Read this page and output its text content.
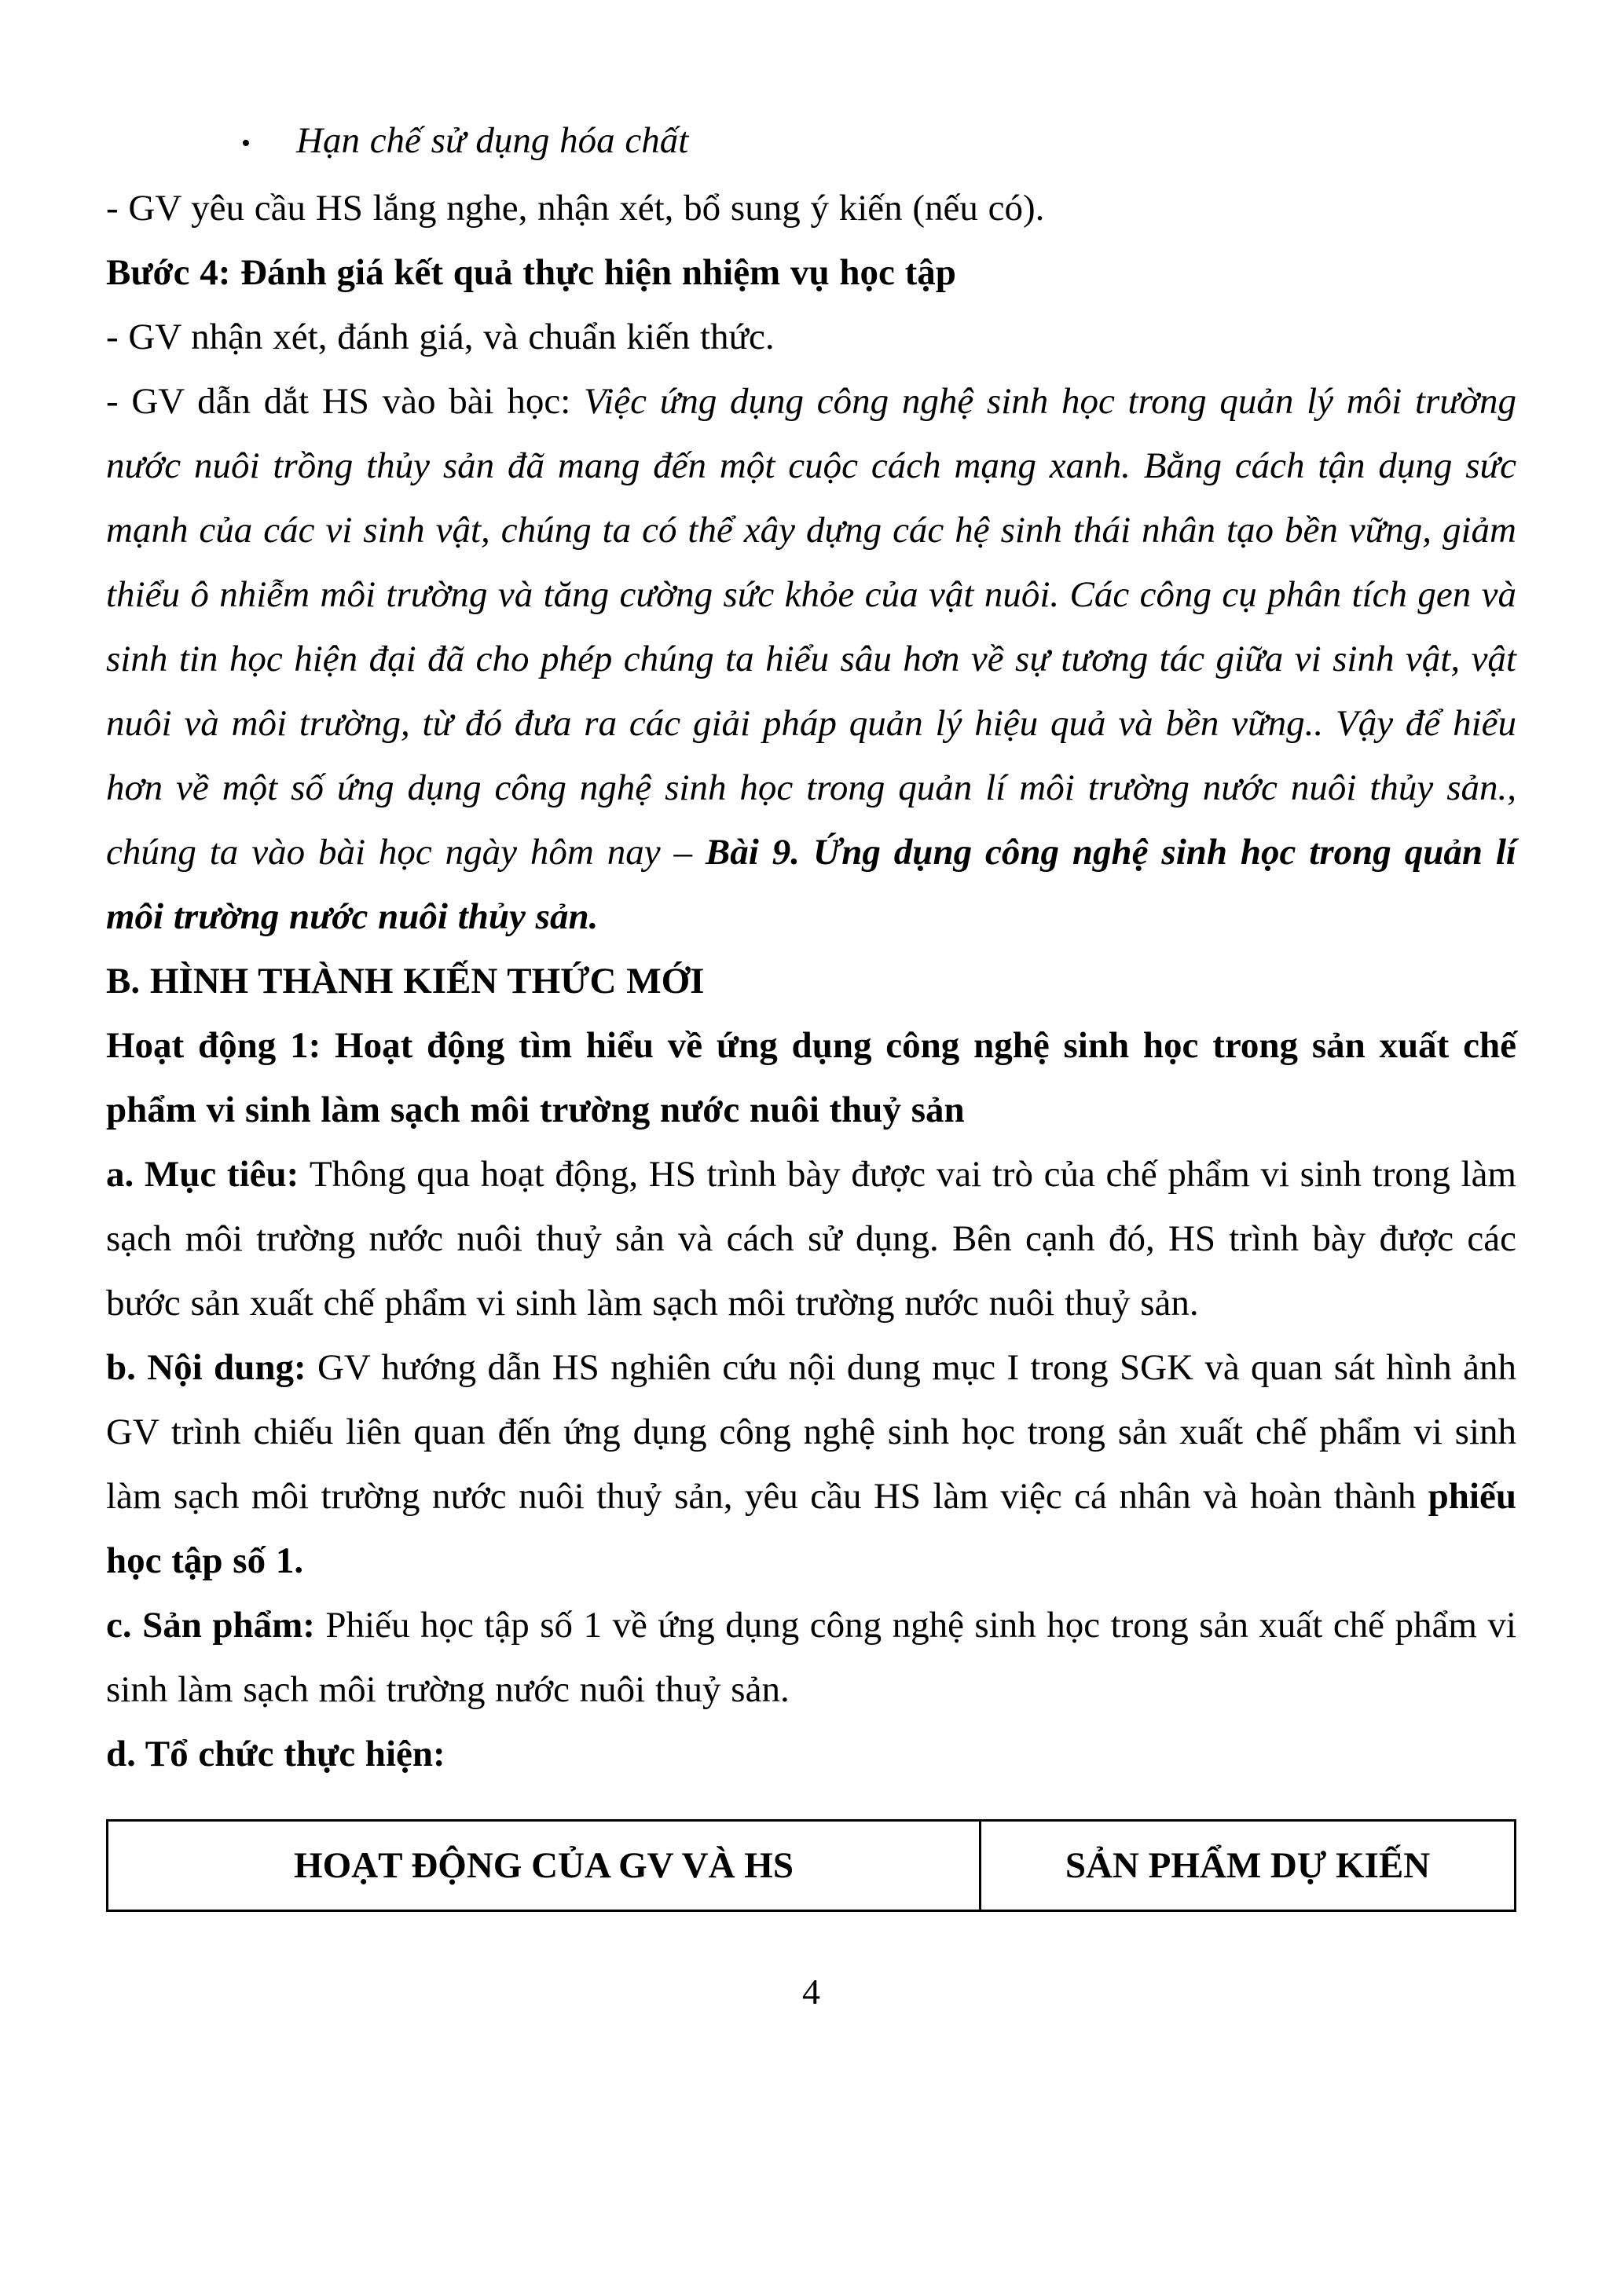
• Hạn chế sử dụng hóa chất

- GV yêu cầu HS lắng nghe, nhận xét, bổ sung ý kiến (nếu có).

Bước 4: Đánh giá kết quả thực hiện nhiệm vụ học tập

- GV nhận xét, đánh giá, và chuẩn kiến thức.

- GV dẫn dắt HS vào bài học: Việc ứng dụng công nghệ sinh học trong quản lý môi trường nước nuôi trồng thủy sản đã mang đến một cuộc cách mạng xanh. Bằng cách tận dụng sức mạnh của các vi sinh vật, chúng ta có thể xây dựng các hệ sinh thái nhân tạo bền vững, giảm thiểu ô nhiễm môi trường và tăng cường sức khỏe của vật nuôi. Các công cụ phân tích gen và sinh tin học hiện đại đã cho phép chúng ta hiểu sâu hơn về sự tương tác giữa vi sinh vật, vật nuôi và môi trường, từ đó đưa ra các giải pháp quản lý hiệu quả và bền vững.. Vậy để hiểu hơn về một số ứng dụng công nghệ sinh học trong quản lí môi trường nước nuôi thủy sản., chúng ta vào bài học ngày hôm nay – Bài 9. Ứng dụng công nghệ sinh học trong quản lí môi trường nước nuôi thủy sản.

B. HÌNH THÀNH KIẾN THỨC MỚI

Hoạt động 1: Hoạt động tìm hiểu về ứng dụng công nghệ sinh học trong sản xuất chế phẩm vi sinh làm sạch môi trường nước nuôi thuỷ sản

a. Mục tiêu: Thông qua hoạt động, HS trình bày được vai trò của chế phẩm vi sinh trong làm sạch môi trường nước nuôi thuỷ sản và cách sử dụng. Bên cạnh đó, HS trình bày được các bước sản xuất chế phẩm vi sinh làm sạch môi trường nước nuôi thuỷ sản.

b. Nội dung: GV hướng dẫn HS nghiên cứu nội dung mục I trong SGK và quan sát hình ảnh GV trình chiếu liên quan đến ứng dụng công nghệ sinh học trong sản xuất chế phẩm vi sinh làm sạch môi trường nước nuôi thuỷ sản, yêu cầu HS làm việc cá nhân và hoàn thành phiếu học tập số 1.

c. Sản phẩm: Phiếu học tập số 1 về ứng dụng công nghệ sinh học trong sản xuất chế phẩm vi sinh làm sạch môi trường nước nuôi thuỷ sản.

d. Tổ chức thực hiện:

HOẠT ĐỘNG CỦA GV VÀ HS	SẢN PHẨM DỰ KIẾN
4
